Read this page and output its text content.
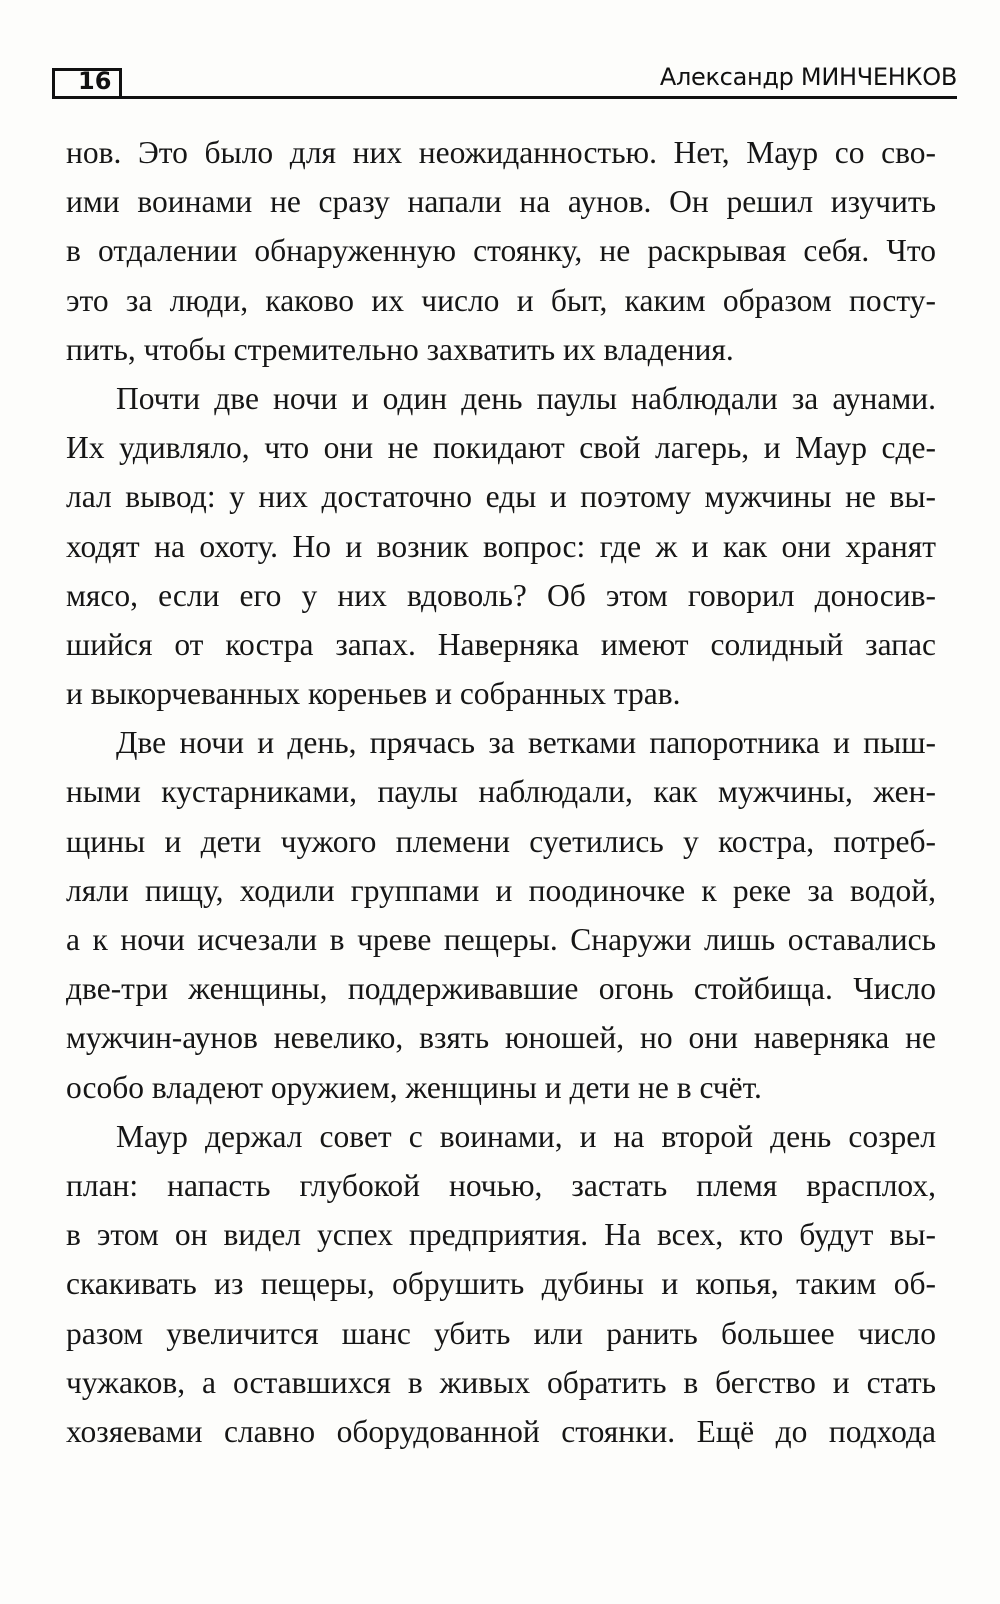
16	Александр МИНЧЕНКОВ
нов. Это было для них неожиданностью. Нет, Маур со сво-
ими воинами не сразу напали на аунов. Он решил изучить
в отдалении обнаруженную стоянку, не раскрывая себя. Что
это за люди, каково их число и быт, каким образом посту-
пить, чтобы стремительно захватить их владения.
Почти две ночи и один день паулы наблюдали за аунами.
Их удивляло, что они не покидают свой лагерь, и Маур сде-
лал вывод: у них достаточно еды и поэтому мужчины не вы-
ходят на охоту. Но и возник вопрос: где ж и как они хранят
мясо, если его у них вдоволь? Об этом говорил доносив-
шийся от костра запах. Наверняка имеют солидный запас
и выкорчеванных кореньев и собранных трав.
Две ночи и день, прячась за ветками папоротника и пыш-
ными кустарниками, паулы наблюдали, как мужчины, жен-
щины и дети чужого племени суетились у костра, потреб-
ляли пищу, ходили группами и поодиночке к реке за водой,
а к ночи исчезали в чреве пещеры. Снаружи лишь оставались
две-три женщины, поддерживавшие огонь стойбища. Число
мужчин-аунов невелико, взять юношей, но они наверняка не
особо владеют оружием, женщины и дети не в счёт.
Маур держал совет с воинами, и на второй день созрел
план: напасть глубокой ночью, застать племя врасплох,
в этом он видел успех предприятия. На всех, кто будут вы-
скакивать из пещеры, обрушить дубины и копья, таким об-
разом увеличится шанс убить или ранить большее число
чужаков, а оставшихся в живых обратить в бегство и стать
хозяевами славно оборудованной стоянки. Ещё до подхода
